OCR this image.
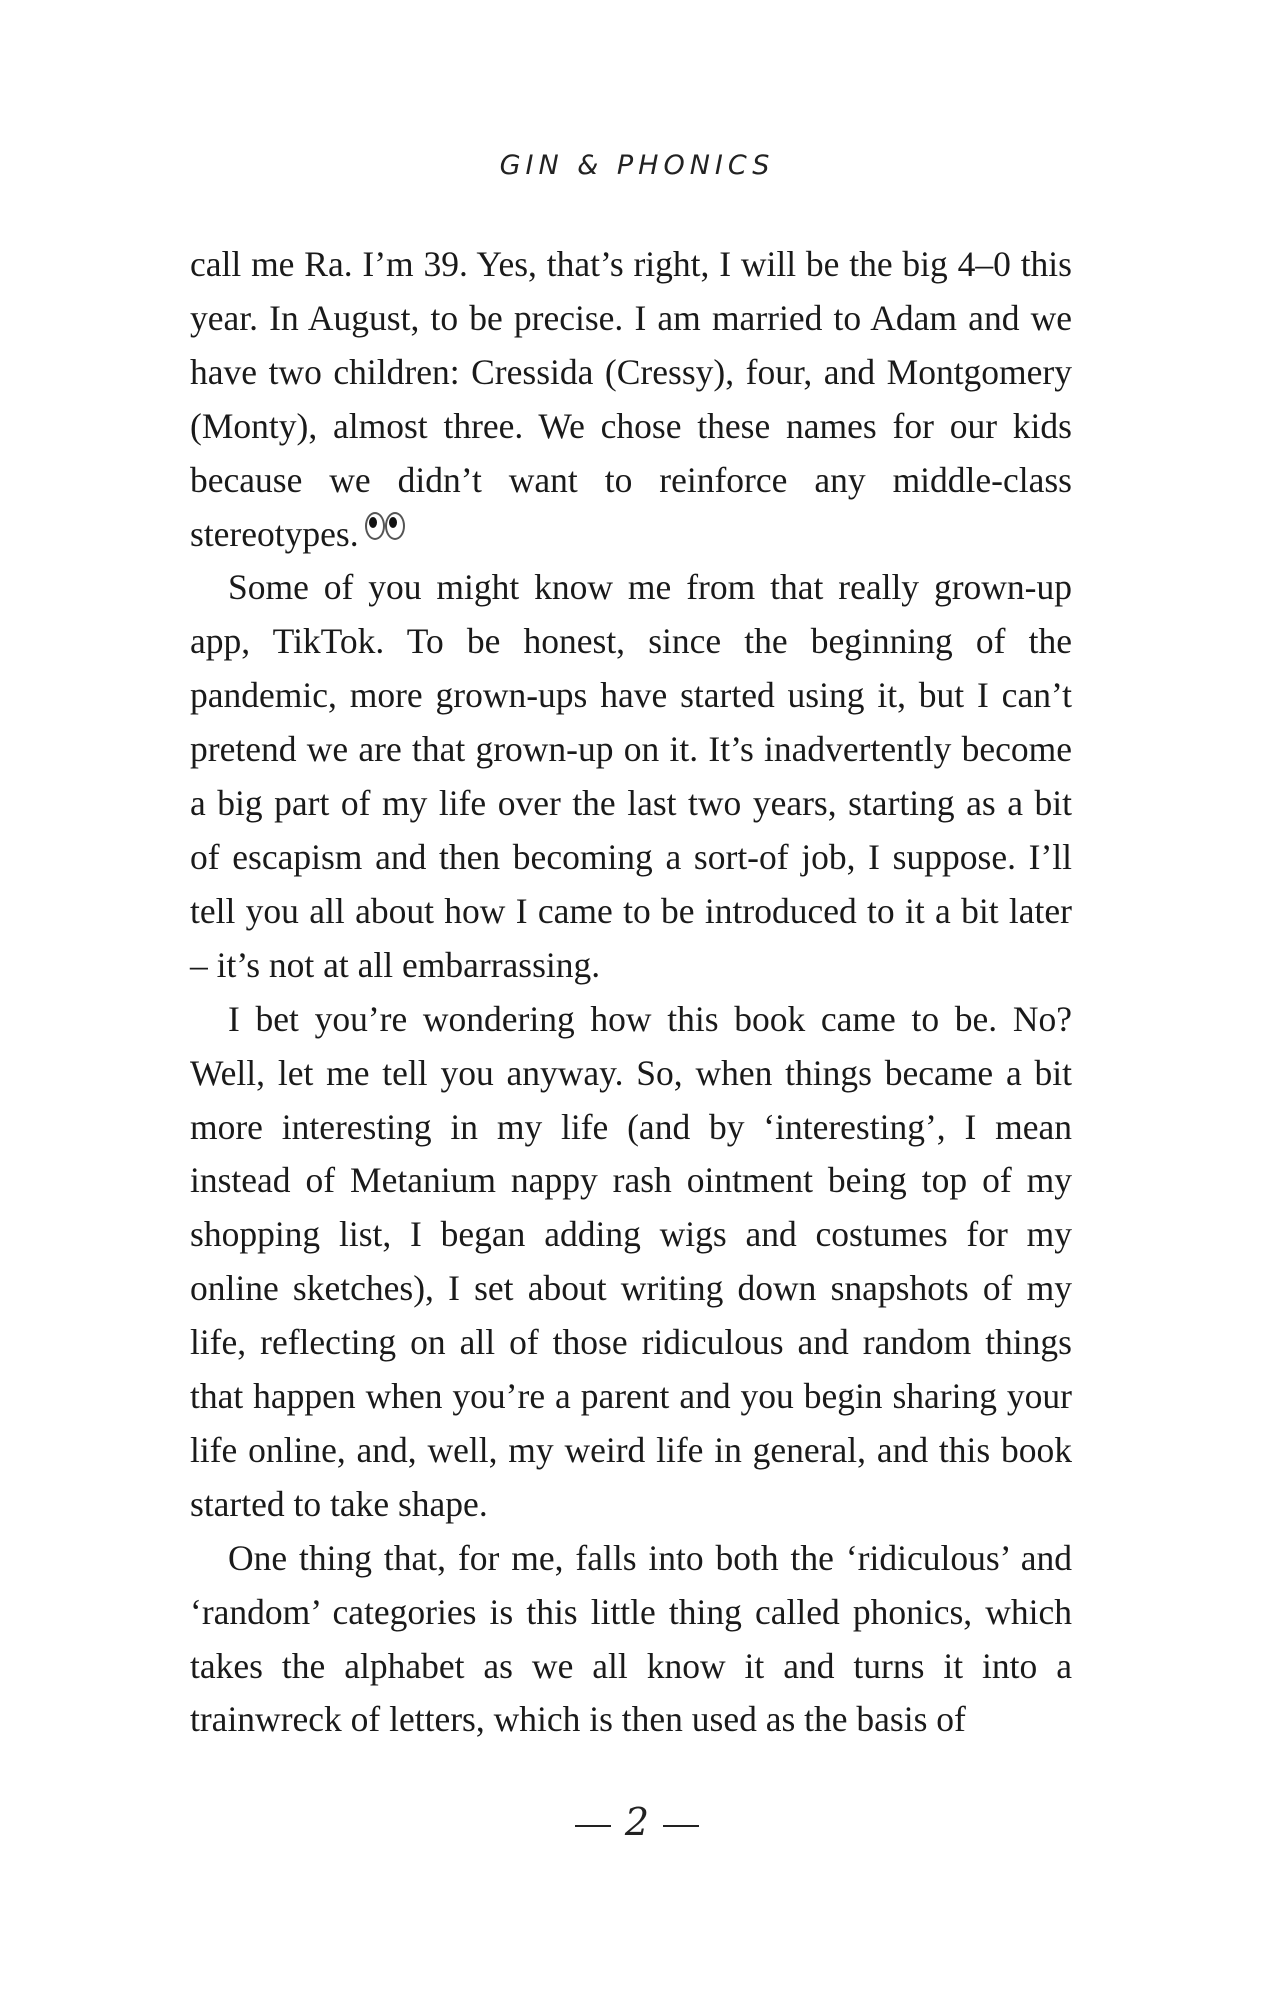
GIN & PHONICS

call me Ra. I’m 39. Yes, that’s right, I will be the big 4–0 this year. In August, to be precise. I am married to Adam and we have two children: Cressida (Cressy), four, and Montgomery (Monty), almost three. We chose these names for our kids because we didn’t want to reinforce any middle-class stereotypes.

Some of you might know me from that really grown-up app, TikTok. To be honest, since the beginning of the pandemic, more grown-ups have started using it, but I can’t pretend we are that grown-up on it. It’s inadvertently become a big part of my life over the last two years, starting as a bit of escapism and then becoming a sort-of job, I suppose. I’ll tell you all about how I came to be introduced to it a bit later – it’s not at all embarrassing.

I bet you’re wondering how this book came to be. No? Well, let me tell you anyway. So, when things became a bit more interesting in my life (and by ‘interesting’, I mean instead of Metanium nappy rash ointment being top of my shopping list, I began adding wigs and costumes for my online sketches), I set about writing down snapshots of my life, reflecting on all of those ridiculous and random things that happen when you’re a parent and you begin sharing your life online, and, well, my weird life in general, and this book started to take shape.

One thing that, for me, falls into both the ‘ridiculous’ and ‘random’ categories is this little thing called phonics, which takes the alphabet as we all know it and turns it into a trainwreck of letters, which is then used as the basis of

2
